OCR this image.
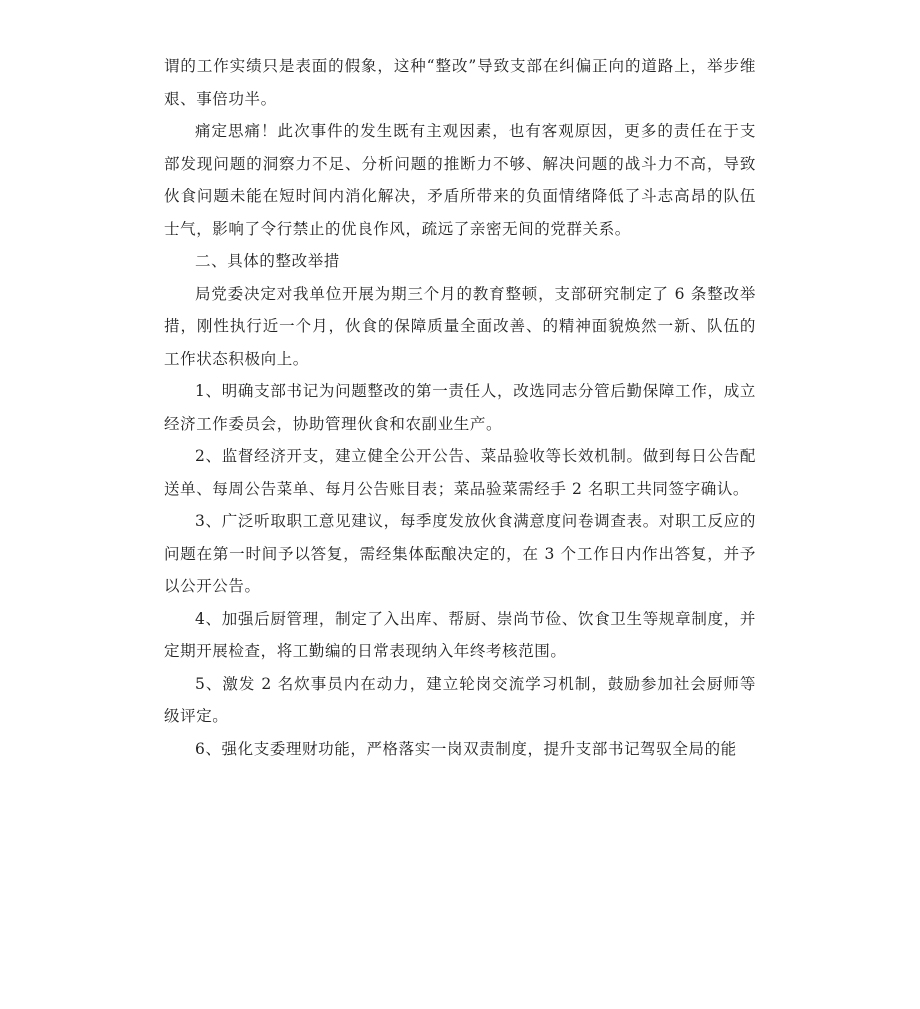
谓的工作实绩只是表面的假象，这种“整改”导致支部在纠偏正向的道路上，举步维艰、事倍功半。

痛定思痛！此次事件的发生既有主观因素，也有客观原因，更多的责任在于支部发现问题的洞察力不足、分析问题的推断力不够、解决问题的战斗力不高，导致伙食问题未能在短时间内消化解决，矛盾所带来的负面情绪降低了斗志高昂的队伍士气，影响了令行禁止的优良作风，疏远了亲密无间的党群关系。

二、具体的整改举措

局党委决定对我单位开展为期三个月的教育整顿，支部研究制定了 6 条整改举措，刚性执行近一个月，伙食的保障质量全面改善、的精神面貌焕然一新、队伍的工作状态积极向上。

1、明确支部书记为问题整改的第一责任人，改选同志分管后勤保障工作，成立经济工作委员会，协助管理伙食和农副业生产。

2、监督经济开支，建立健全公开公告、菜品验收等长效机制。做到每日公告配送单、每周公告菜单、每月公告账目表；菜品验菜需经手 2 名职工共同签字确认。

3、广泛听取职工意见建议，每季度发放伙食满意度问卷调查表。对职工反应的问题在第一时间予以答复，需经集体酝酿决定的，在 3 个工作日内作出答复，并予以公开公告。

4、加强后厨管理，制定了入出库、帮厨、崇尚节俭、饮食卫生等规章制度，并定期开展检查，将工勤编的日常表现纳入年终考核范围。

5、激发 2 名炊事员内在动力，建立轮岗交流学习机制，鼓励参加社会厨师等级评定。

6、强化支委理财功能，严格落实一岗双责制度，提升支部书记驾驭全局的能
